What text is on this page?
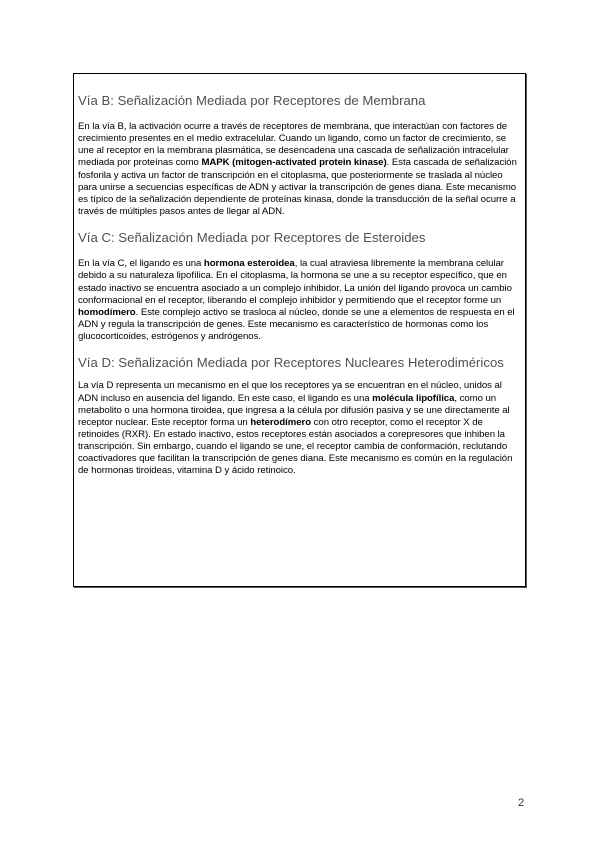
Vía B: Señalización Mediada por Receptores de Membrana

En la vía B, la activación ocurre a través de receptores de membrana, que interactúan con factores de crecimiento presentes en el medio extracelular. Cuando un ligando, como un factor de crecimiento, se une al receptor en la membrana plasmática, se desencadena una cascada de señalización intracelular mediada por proteínas como MAPK (mitogen-activated protein kinase). Esta cascada de señalización fosforila y activa un factor de transcripción en el citoplasma, que posteriormente se traslada al núcleo para unirse a secuencias específicas de ADN y activar la transcripción de genes diana. Este mecanismo es típico de la señalización dependiente de proteínas kinasa, donde la transducción de la señal ocurre a través de múltiples pasos antes de llegar al ADN.

Vía C: Señalización Mediada por Receptores de Esteroides

En la vía C, el ligando es una hormona esteroidea, la cual atraviesa libremente la membrana celular debido a su naturaleza lipofílica. En el citoplasma, la hormona se une a su receptor específico, que en estado inactivo se encuentra asociado a un complejo inhibidor. La unión del ligando provoca un cambio conformacional en el receptor, liberando el complejo inhibidor y permitiendo que el receptor forme un homodímero. Este complejo activo se trasloca al núcleo, donde se une a elementos de respuesta en el ADN y regula la transcripción de genes. Este mecanismo es característico de hormonas como los glucocorticoides, estrógenos y andrógenos.

Vía D: Señalización Mediada por Receptores Nucleares Heterodiméricos

La vía D representa un mecanismo en el que los receptores ya se encuentran en el núcleo, unidos al ADN incluso en ausencia del ligando. En este caso, el ligando es una molécula lipofílica, como un metabolito o una hormona tiroidea, que ingresa a la célula por difusión pasiva y se une directamente al receptor nuclear. Este receptor forma un heterodímero con otro receptor, como el receptor X de retinoides (RXR). En estado inactivo, estos receptores están asociados a corepresores que inhiben la transcripción. Sin embargo, cuando el ligando se une, el receptor cambia de conformación, reclutando coactivadores que facilitan la transcripción de genes diana. Este mecanismo es común en la regulación de hormonas tiroideas, vitamina D y ácido retinoico.

2
